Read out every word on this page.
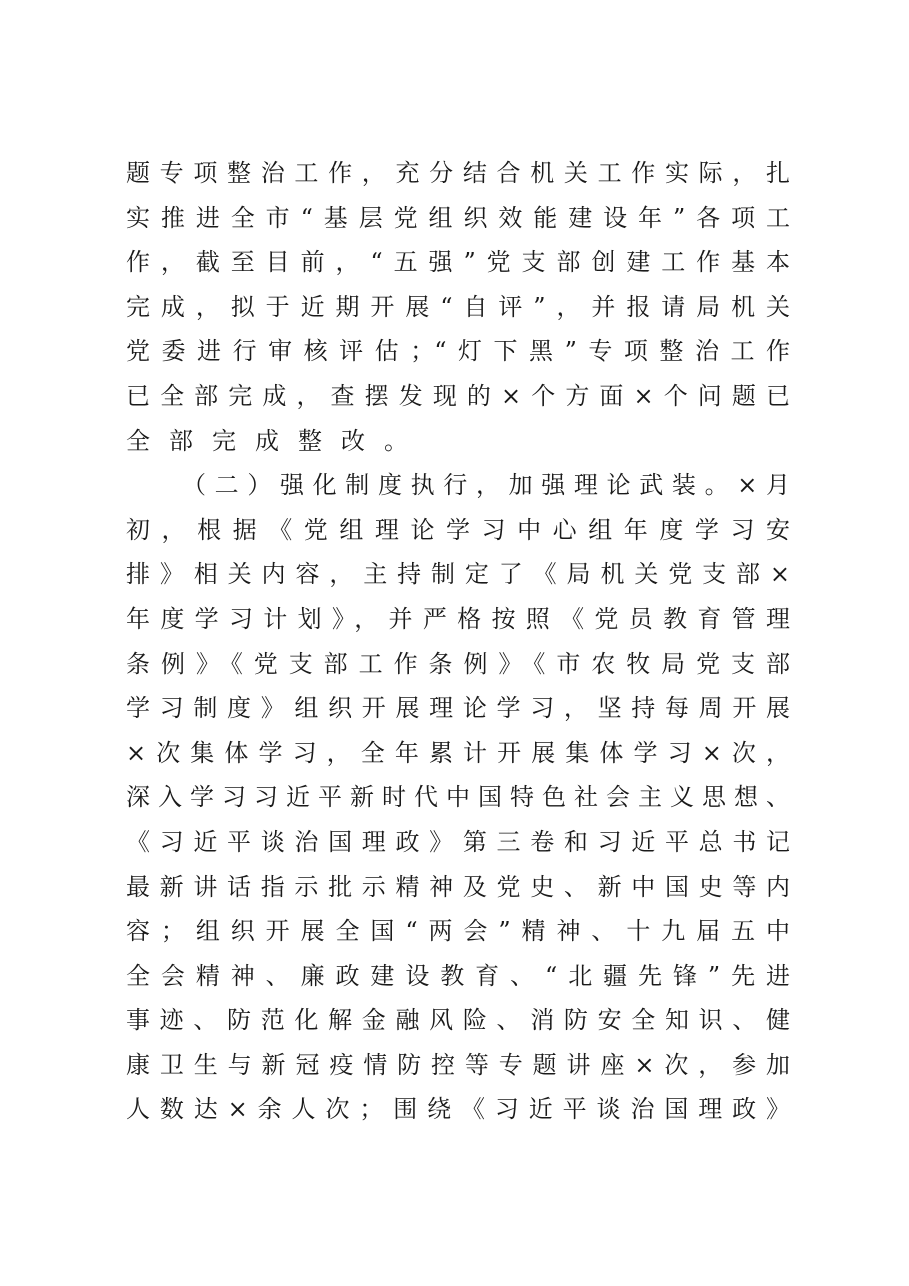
题专项整治工作，充分结合机关工作实际，扎
实推进全市“基层党组织效能建设年”各项工
作，截至目前，“五强”党支部创建工作基本
完成，拟于近期开展“自评”，并报请局机关
党委进行审核评估；“灯下黑”专项整治工作
已全部完成，查摆发现的×个方面×个问题已
全部完成整改。
（二）强化制度执行，加强理论武装。×月
初，根据《党组理论学习中心组年度学习安
排》相关内容，主持制定了《局机关党支部×
年度学习计划》，并严格按照《党员教育管理
条例》《党支部工作条例》《市农牧局党支部
学习制度》组织开展理论学习，坚持每周开展
×次集体学习，全年累计开展集体学习×次，
深入学习习近平新时代中国特色社会主义思想、
《习近平谈治国理政》第三卷和习近平总书记
最新讲话指示批示精神及党史、新中国史等内
容；组织开展全国“两会”精神、十九届五中
全会精神、廉政建设教育、“北疆先锋”先进
事迹、防范化解金融风险、消防安全知识、健
康卫生与新冠疫情防控等专题讲座×次，参加
人数达×余人次；围绕《习近平谈治国理政》
